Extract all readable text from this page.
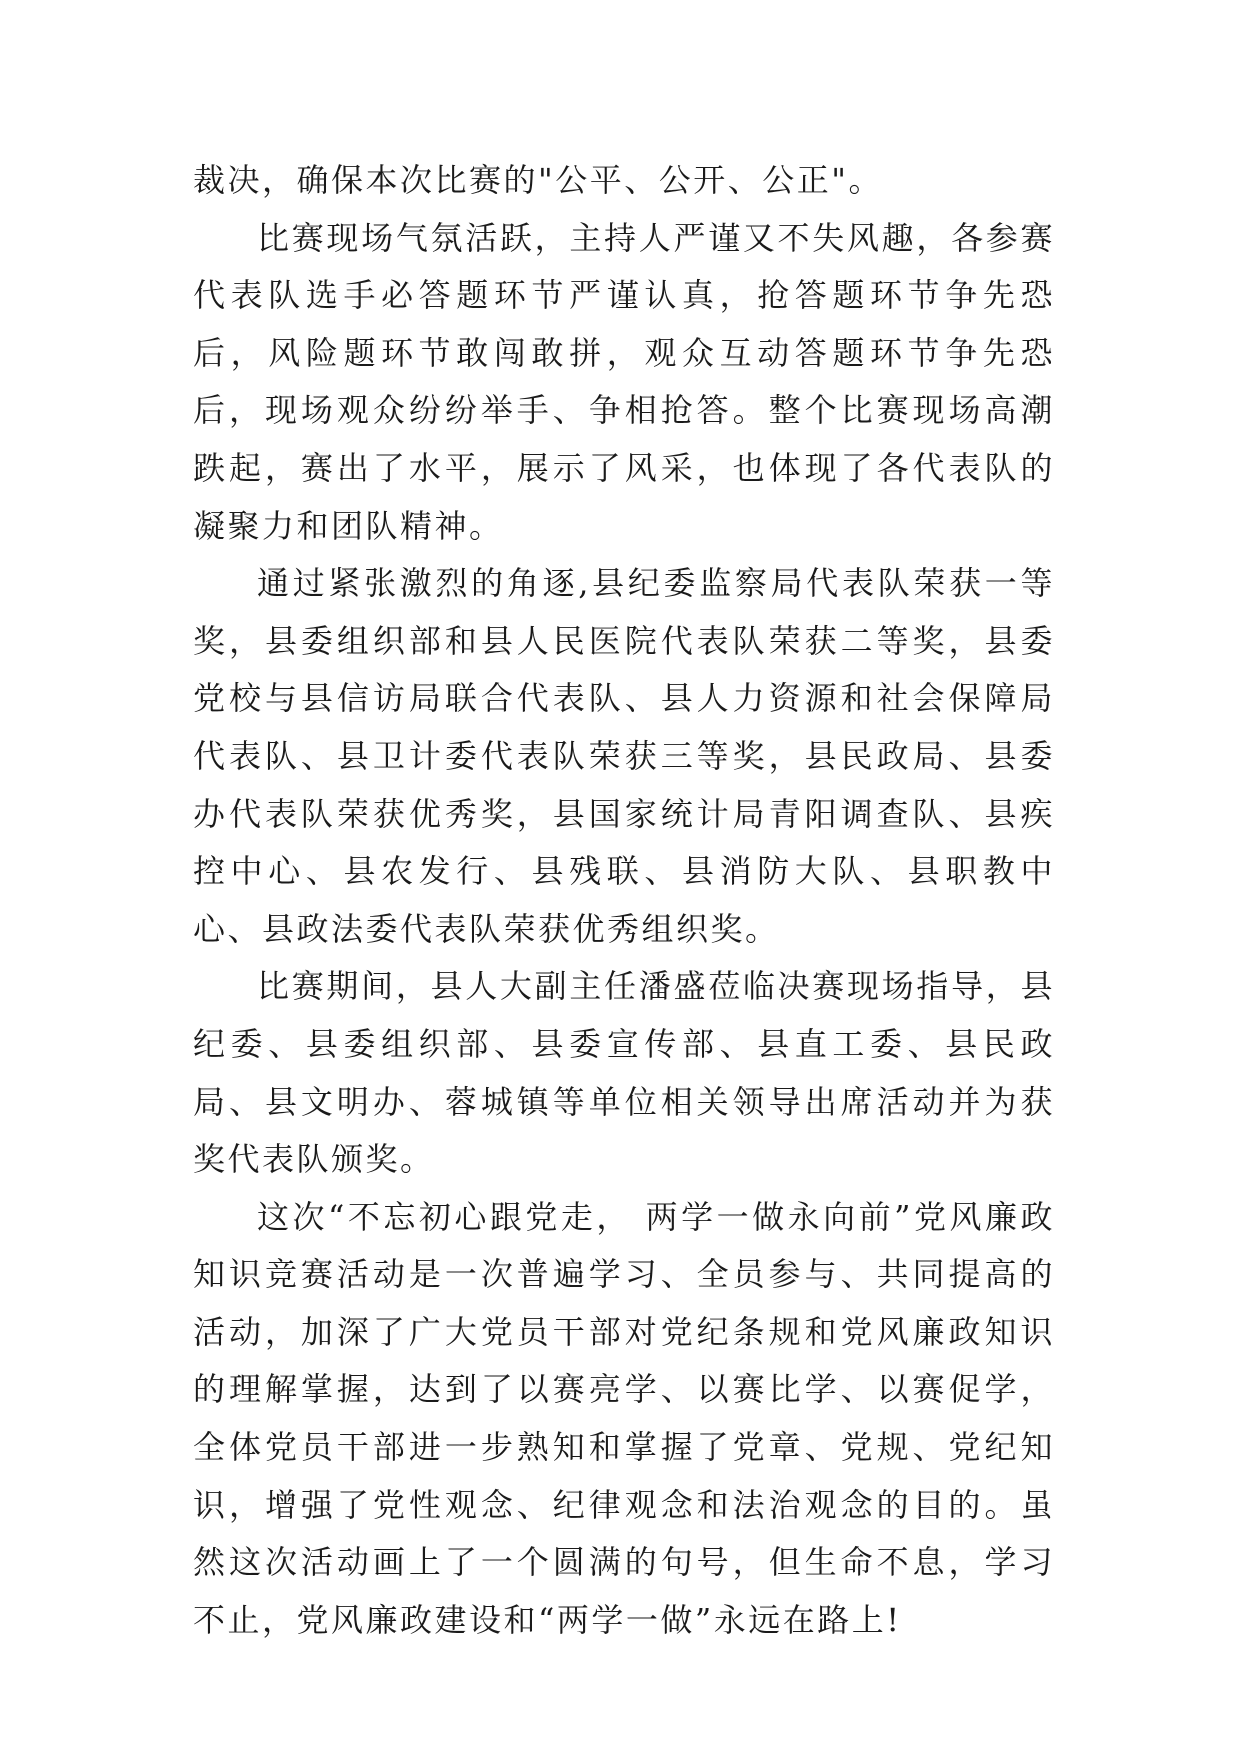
裁决，确保本次比赛的"公平、公开、公正"。

比赛现场气氛活跃，主持人严谨又不失风趣，各参赛代表队选手必答题环节严谨认真，抢答题环节争先恐后，风险题环节敢闯敢拼，观众互动答题环节争先恐后，现场观众纷纷举手、争相抢答。整个比赛现场高潮跌起，赛出了水平，展示了风采，也体现了各代表队的凝聚力和团队精神。

通过紧张激烈的角逐,县纪委监察局代表队荣获一等奖，县委组织部和县人民医院代表队荣获二等奖，县委党校与县信访局联合代表队、县人力资源和社会保障局代表队、县卫计委代表队荣获三等奖，县民政局、县委办代表队荣获优秀奖，县国家统计局青阳调查队、县疾控中心、县农发行、县残联、县消防大队、县职教中心、县政法委代表队荣获优秀组织奖。

比赛期间，县人大副主任潘盛莅临决赛现场指导，县纪委、县委组织部、县委宣传部、县直工委、县民政局、县文明办、蓉城镇等单位相关领导出席活动并为获奖代表队颁奖。

这次“不忘初心跟党走， 两学一做永向前”党风廉政知识竞赛活动是一次普遍学习、全员参与、共同提高的活动，加深了广大党员干部对党纪条规和党风廉政知识的理解掌握，达到了以赛亮学、以赛比学、以赛促学，全体党员干部进一步熟知和掌握了党章、党规、党纪知识，增强了党性观念、纪律观念和法治观念的目的。虽然这次活动画上了一个圆满的句号，但生命不息，学习不止，党风廉政建设和“两学一做”永远在路上!
